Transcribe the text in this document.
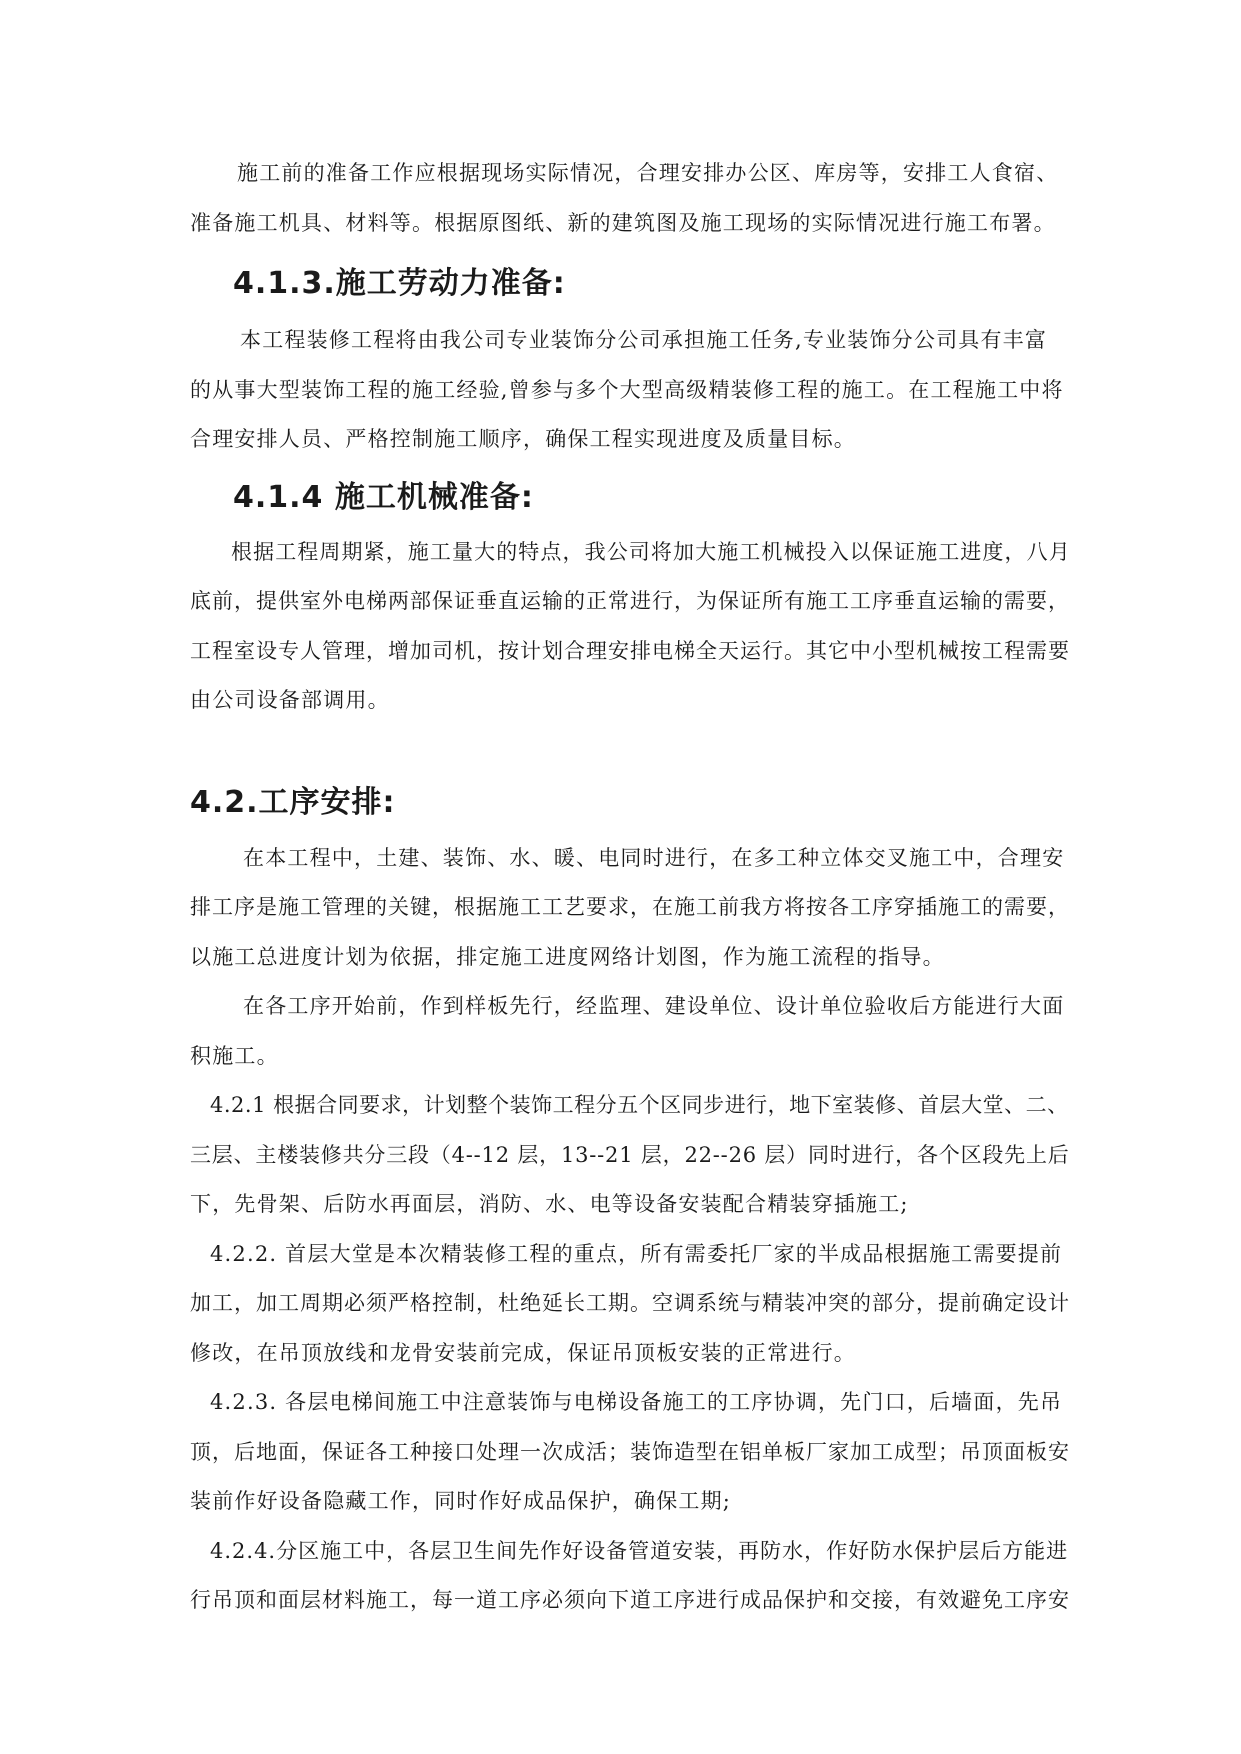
施工前的准备工作应根据现场实际情况，合理安排办公区、库房等，安排工人食宿、
准备施工机具、材料等。根据原图纸、新的建筑图及施工现场的实际情况进行施工布署。
4.1.3.施工劳动力准备:
本工程装修工程将由我公司专业装饰分公司承担施工任务,专业装饰分公司具有丰富
的从事大型装饰工程的施工经验,曾参与多个大型高级精装修工程的施工。在工程施工中将
合理安排人员、严格控制施工顺序，确保工程实现进度及质量目标。
4.1.4 施工机械准备:
根据工程周期紧，施工量大的特点，我公司将加大施工机械投入以保证施工进度，八月
底前，提供室外电梯两部保证垂直运输的正常进行，为保证所有施工工序垂直运输的需要，
工程室设专人管理，增加司机，按计划合理安排电梯全天运行。其它中小型机械按工程需要
由公司设备部调用。
4.2.工序安排:
在本工程中，土建、装饰、水、暖、电同时进行，在多工种立体交叉施工中，合理安
排工序是施工管理的关键，根据施工工艺要求，在施工前我方将按各工序穿插施工的需要，
以施工总进度计划为依据，排定施工进度网络计划图，作为施工流程的指导。
在各工序开始前，作到样板先行，经监理、建设单位、设计单位验收后方能进行大面
积施工。
4.2.1 根据合同要求，计划整个装饰工程分五个区同步进行，地下室装修、首层大堂、二、
三层、主楼装修共分三段（4--12 层，13--21 层，22--26 层）同时进行，各个区段先上后
下，先骨架、后防水再面层，消防、水、电等设备安装配合精装穿插施工;
4.2.2. 首层大堂是本次精装修工程的重点，所有需委托厂家的半成品根据施工需要提前
加工，加工周期必须严格控制，杜绝延长工期。空调系统与精装冲突的部分，提前确定设计
修改，在吊顶放线和龙骨安装前完成，保证吊顶板安装的正常进行。
4.2.3. 各层电梯间施工中注意装饰与电梯设备施工的工序协调，先门口，后墙面，先吊
顶，后地面，保证各工种接口处理一次成活；装饰造型在铝单板厂家加工成型；吊顶面板安
装前作好设备隐藏工作，同时作好成品保护，确保工期;
4.2.4.分区施工中，各层卫生间先作好设备管道安装，再防水，作好防水保护层后方能进
行吊顶和面层材料施工，每一道工序必须向下道工序进行成品保护和交接，有效避免工序安
